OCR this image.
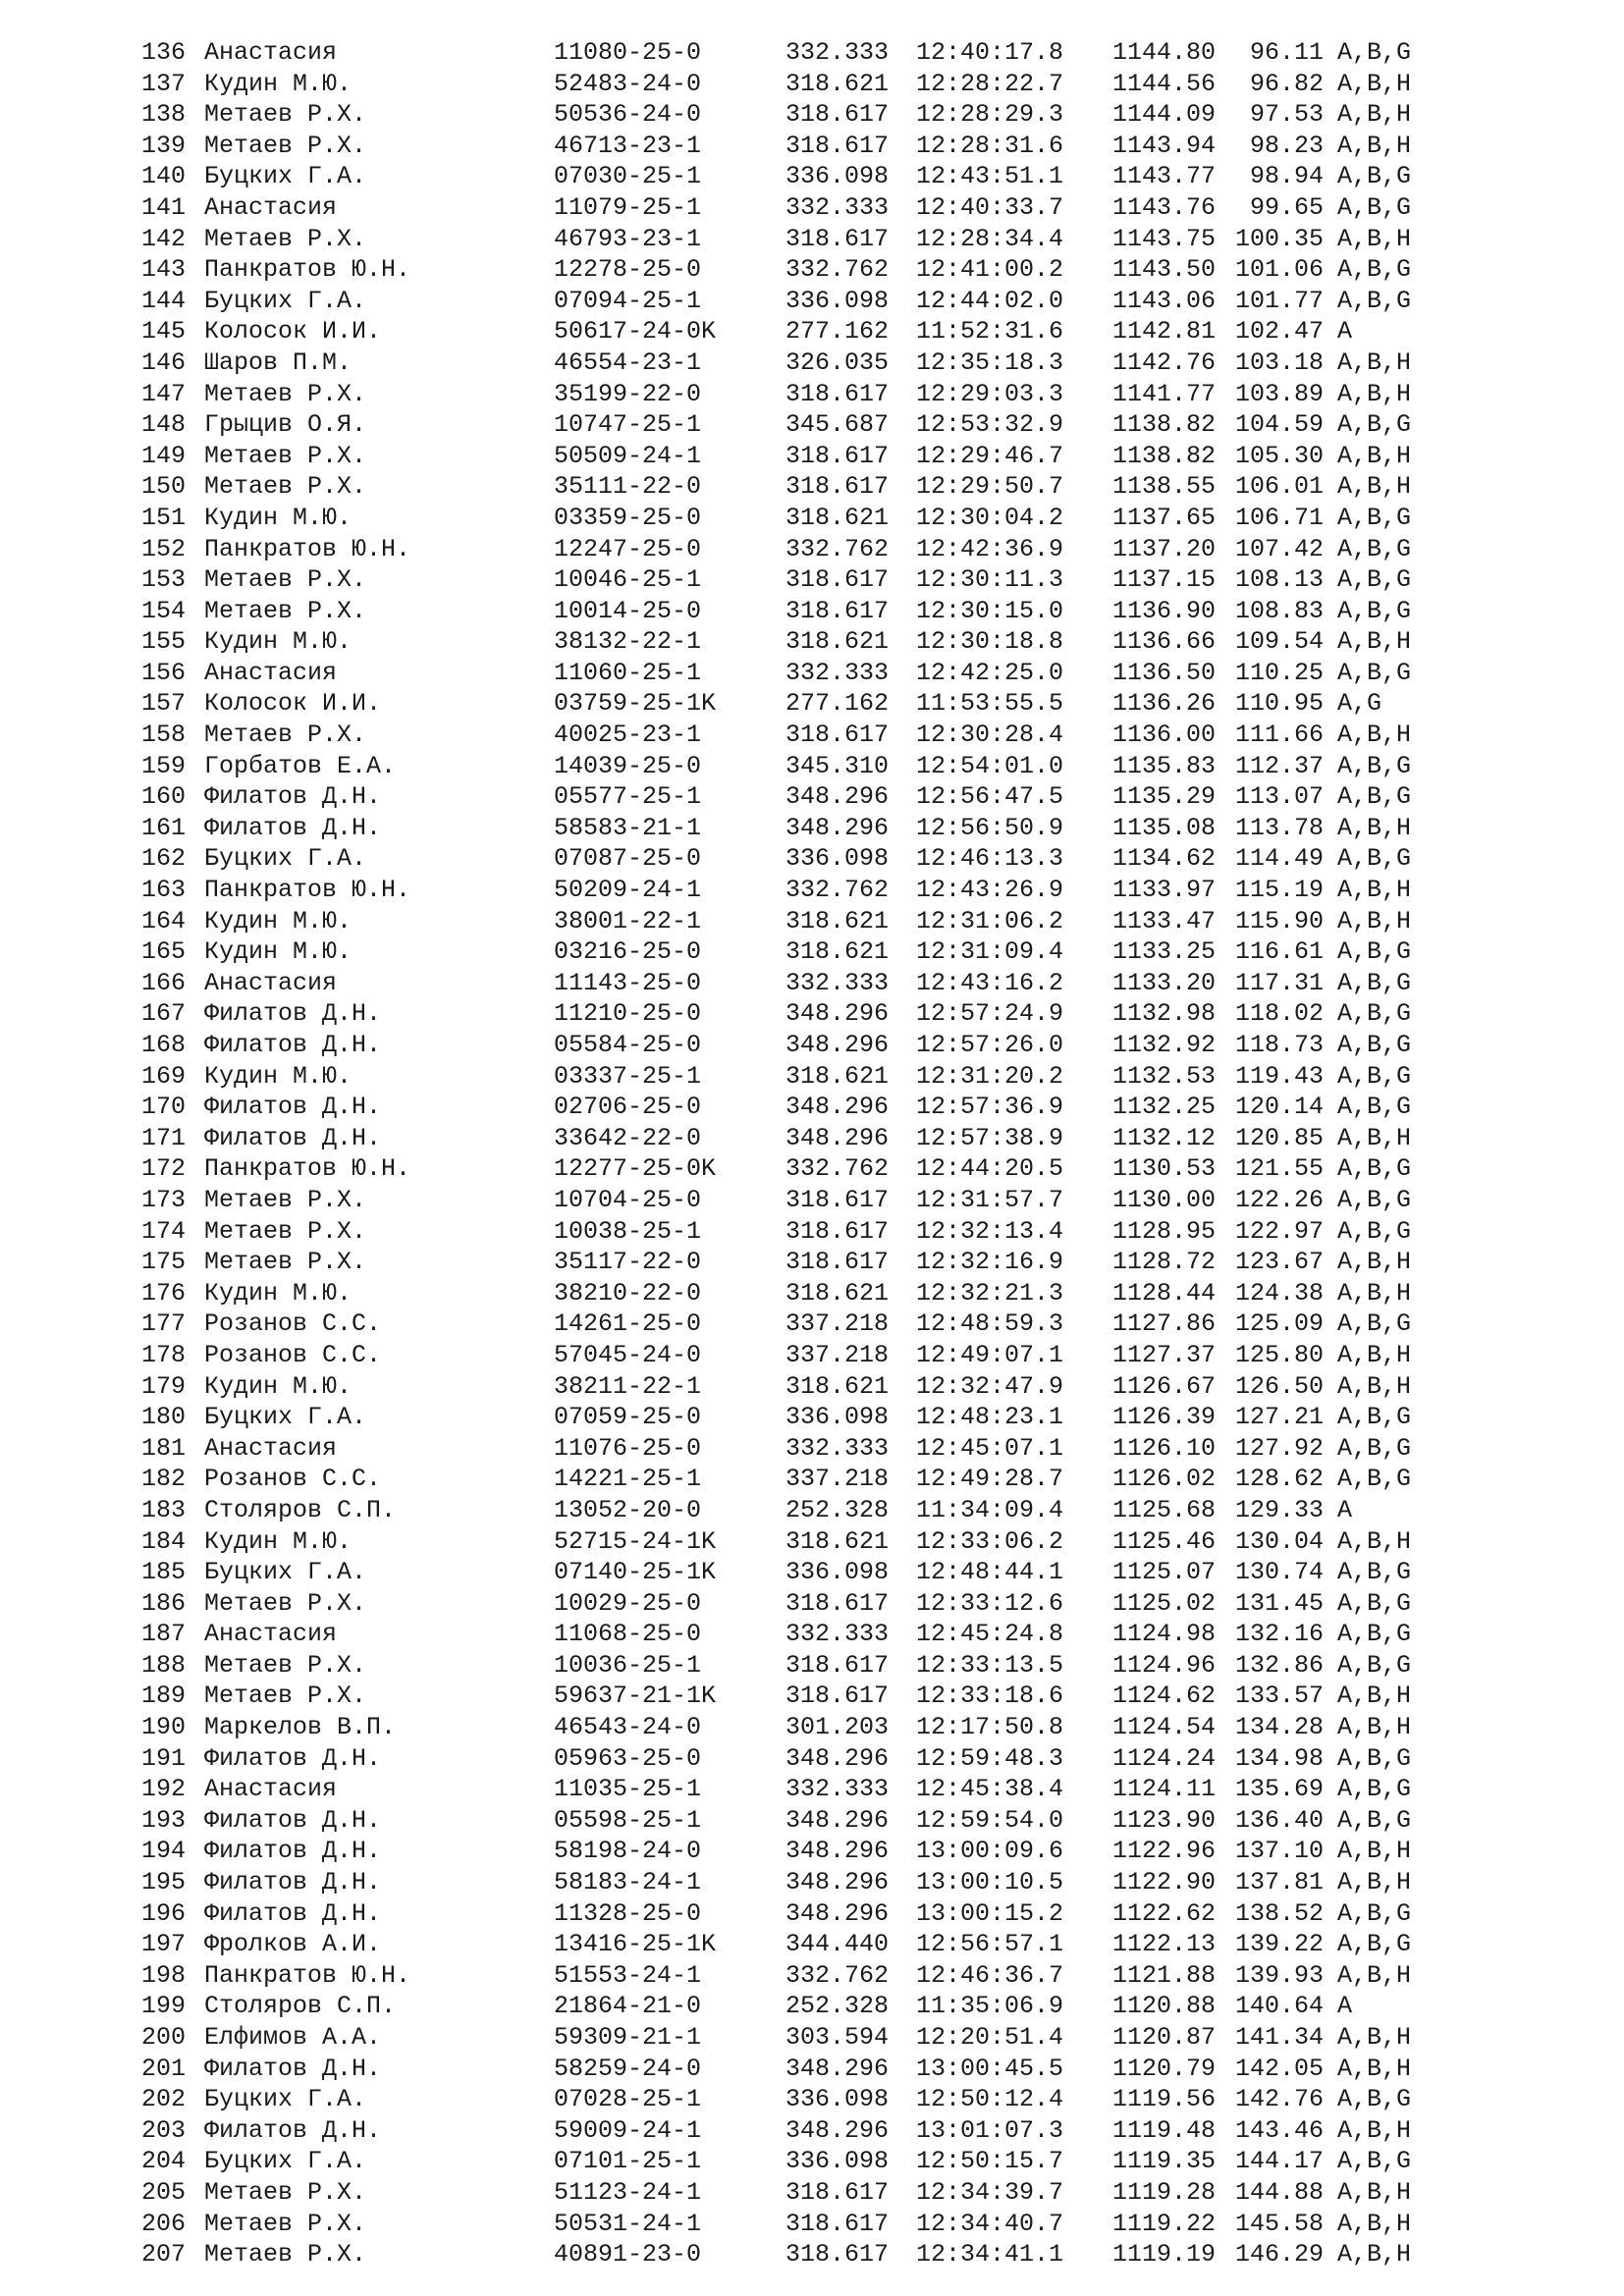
136 Анастасия	11080-25-0	332.333	12:40:17.8	1144.80	96.11 A,B,G
137 Кудин М.Ю.	52483-24-0	318.621	12:28:22.7	1144.56	96.82 A,B,H
138 Метаев Р.Х.	50536-24-0	318.617	12:28:29.3	1144.09	97.53 A,B,H
139 Метаев Р.Х.	46713-23-1	318.617	12:28:31.6	1143.94	98.23 A,B,H
140 Буцких Г.А.	07030-25-1	336.098	12:43:51.1	1143.77	98.94 A,B,G
141 Анастасия	11079-25-1	332.333	12:40:33.7	1143.76	99.65 A,B,G
142 Метаев Р.Х.	46793-23-1	318.617	12:28:34.4	1143.75 100.35 A,B,H
143 Панкратов Ю.Н.	12278-25-0	332.762	12:41:00.2	1143.50 101.06 A,B,G
144 Буцких Г.А.	07094-25-1	336.098	12:44:02.0	1143.06 101.77 A,B,G
145 Колосок И.И.	50617-24-0K	277.162	11:52:31.6	1142.81 102.47 A
146 Шаров П.М.	46554-23-1	326.035	12:35:18.3	1142.76 103.18 A,B,H
147 Метаев Р.Х.	35199-22-0	318.617	12:29:03.3	1141.77 103.89 A,B,H
148 Грыцив О.Я.	10747-25-1	345.687	12:53:32.9	1138.82 104.59 A,B,G
149 Метаев Р.Х.	50509-24-1	318.617	12:29:46.7	1138.82 105.30 A,B,H
150 Метаев Р.Х.	35111-22-0	318.617	12:29:50.7	1138.55 106.01 A,B,H
151 Кудин М.Ю.	03359-25-0	318.621	12:30:04.2	1137.65 106.71 A,B,G
152 Панкратов Ю.Н.	12247-25-0	332.762	12:42:36.9	1137.20 107.42 A,B,G
153 Метаев Р.Х.	10046-25-1	318.617	12:30:11.3	1137.15 108.13 A,B,G
154 Метаев Р.Х.	10014-25-0	318.617	12:30:15.0	1136.90 108.83 A,B,G
155 Кудин М.Ю.	38132-22-1	318.621	12:30:18.8	1136.66 109.54 A,B,H
156 Анастасия	11060-25-1	332.333	12:42:25.0	1136.50 110.25 A,B,G
157 Колосок И.И.	03759-25-1K	277.162	11:53:55.5	1136.26 110.95 A,G
158 Метаев Р.Х.	40025-23-1	318.617	12:30:28.4	1136.00 111.66 A,B,H
159 Горбатов Е.А.	14039-25-0	345.310	12:54:01.0	1135.83 112.37 A,B,G
160 Филатов Д.Н.	05577-25-1	348.296	12:56:47.5	1135.29 113.07 A,B,G
161 Филатов Д.Н.	58583-21-1	348.296	12:56:50.9	1135.08 113.78 A,B,H
162 Буцких Г.А.	07087-25-0	336.098	12:46:13.3	1134.62 114.49 A,B,G
163 Панкратов Ю.Н.	50209-24-1	332.762	12:43:26.9	1133.97 115.19 A,B,H
164 Кудин М.Ю.	38001-22-1	318.621	12:31:06.2	1133.47 115.90 A,B,H
165 Кудин М.Ю.	03216-25-0	318.621	12:31:09.4	1133.25 116.61 A,B,G
166 Анастасия	11143-25-0	332.333	12:43:16.2	1133.20 117.31 A,B,G
167 Филатов Д.Н.	11210-25-0	348.296	12:57:24.9	1132.98 118.02 A,B,G
168 Филатов Д.Н.	05584-25-0	348.296	12:57:26.0	1132.92 118.73 A,B,G
169 Кудин М.Ю.	03337-25-1	318.621	12:31:20.2	1132.53 119.43 A,B,G
170 Филатов Д.Н.	02706-25-0	348.296	12:57:36.9	1132.25 120.14 A,B,G
171 Филатов Д.Н.	33642-22-0	348.296	12:57:38.9	1132.12 120.85 A,B,H
172 Панкратов Ю.Н.	12277-25-0K	332.762	12:44:20.5	1130.53 121.55 A,B,G
173 Метаев Р.Х.	10704-25-0	318.617	12:31:57.7	1130.00 122.26 A,B,G
174 Метаев Р.Х.	10038-25-1	318.617	12:32:13.4	1128.95 122.97 A,B,G
175 Метаев Р.Х.	35117-22-0	318.617	12:32:16.9	1128.72 123.67 A,B,H
176 Кудин М.Ю.	38210-22-0	318.621	12:32:21.3	1128.44 124.38 A,B,H
177 Розанов С.С.	14261-25-0	337.218	12:48:59.3	1127.86 125.09 A,B,G
178 Розанов С.С.	57045-24-0	337.218	12:49:07.1	1127.37 125.80 A,B,H
179 Кудин М.Ю.	38211-22-1	318.621	12:32:47.9	1126.67 126.50 A,B,H
180 Буцких Г.А.	07059-25-0	336.098	12:48:23.1	1126.39 127.21 A,B,G
181 Анастасия	11076-25-0	332.333	12:45:07.1	1126.10 127.92 A,B,G
182 Розанов С.С.	14221-25-1	337.218	12:49:28.7	1126.02 128.62 A,B,G
183 Столяров С.П.	13052-20-0	252.328	11:34:09.4	1125.68 129.33 A
184 Кудин М.Ю.	52715-24-1K	318.621	12:33:06.2	1125.46 130.04 A,B,H
185 Буцких Г.А.	07140-25-1K	336.098	12:48:44.1	1125.07 130.74 A,B,G
186 Метаев Р.Х.	10029-25-0	318.617	12:33:12.6	1125.02 131.45 A,B,G
187 Анастасия	11068-25-0	332.333	12:45:24.8	1124.98 132.16 A,B,G
188 Метаев Р.Х.	10036-25-1	318.617	12:33:13.5	1124.96 132.86 A,B,G
189 Метаев Р.Х.	59637-21-1K	318.617	12:33:18.6	1124.62 133.57 A,B,H
190 Маркелов В.П.	46543-24-0	301.203	12:17:50.8	1124.54 134.28 A,B,H
191 Филатов Д.Н.	05963-25-0	348.296	12:59:48.3	1124.24 134.98 A,B,G
192 Анастасия	11035-25-1	332.333	12:45:38.4	1124.11 135.69 A,B,G
193 Филатов Д.Н.	05598-25-1	348.296	12:59:54.0	1123.90 136.40 A,B,G
194 Филатов Д.Н.	58198-24-0	348.296	13:00:09.6	1122.96 137.10 A,B,H
195 Филатов Д.Н.	58183-24-1	348.296	13:00:10.5	1122.90 137.81 A,B,H
196 Филатов Д.Н.	11328-25-0	348.296	13:00:15.2	1122.62 138.52 A,B,G
197 Фролков А.И.	13416-25-1K	344.440	12:56:57.1	1122.13 139.22 A,B,G
198 Панкратов Ю.Н.	51553-24-1	332.762	12:46:36.7	1121.88 139.93 A,B,H
199 Столяров С.П.	21864-21-0	252.328	11:35:06.9	1120.88 140.64 A
200 Елфимов А.А.	59309-21-1	303.594	12:20:51.4	1120.87 141.34 A,B,H
201 Филатов Д.Н.	58259-24-0	348.296	13:00:45.5	1120.79 142.05 A,B,H
202 Буцких Г.А.	07028-25-1	336.098	12:50:12.4	1119.56 142.76 A,B,G
203 Филатов Д.Н.	59009-24-1	348.296	13:01:07.3	1119.48 143.46 A,B,H
204 Буцких Г.А.	07101-25-1	336.098	12:50:15.7	1119.35 144.17 A,B,G
205 Метаев Р.Х.	51123-24-1	318.617	12:34:39.7	1119.28 144.88 A,B,H
206 Метаев Р.Х.	50531-24-1	318.617	12:34:40.7	1119.22 145.58 A,B,H
207 Метаев Р.Х.	40891-23-0	318.617	12:34:41.1	1119.19 146.29 A,B,H
